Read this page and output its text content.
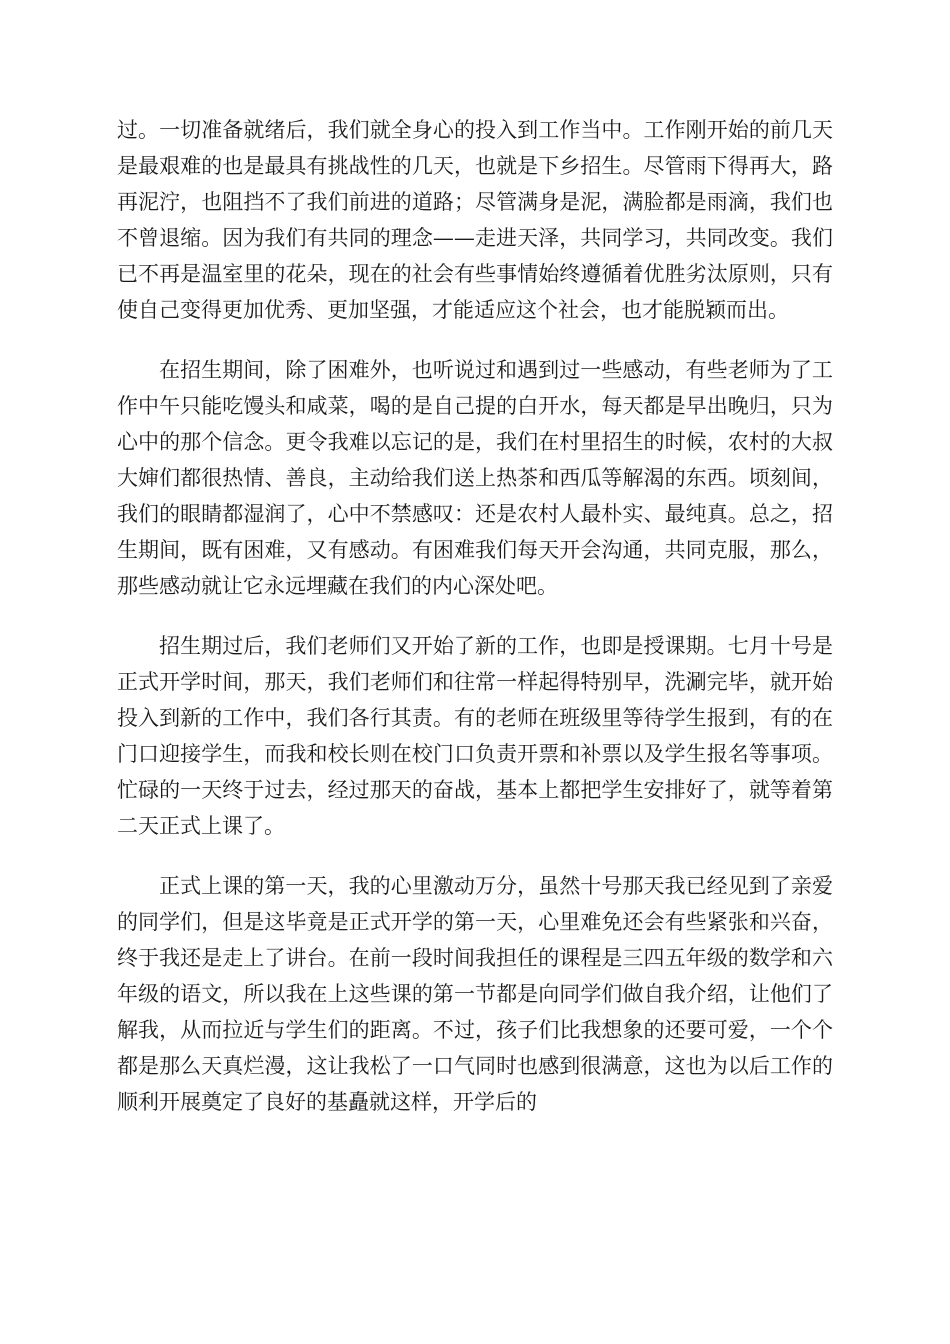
过。一切准备就绪后，我们就全身心的投入到工作当中。工作刚开始的前几天是最艰难的也是最具有挑战性的几天，也就是下乡招生。尽管雨下得再大，路再泥泞，也阻挡不了我们前进的道路；尽管满身是泥，满脸都是雨滴，我们也不曾退缩。因为我们有共同的理念——走进天泽，共同学习，共同改变。我们已不再是温室里的花朵，现在的社会有些事情始终遵循着优胜劣汰原则，只有使自己变得更加优秀、更加坚强，才能适应这个社会，也才能脱颖而出。

在招生期间，除了困难外，也听说过和遇到过一些感动，有些老师为了工作中午只能吃馒头和咸菜，喝的是自己提的白开水，每天都是早出晚归，只为心中的那个信念。更令我难以忘记的是，我们在村里招生的时候，农村的大叔大婶们都很热情、善良，主动给我们送上热茶和西瓜等解渴的东西。顷刻间，我们的眼睛都湿润了，心中不禁感叹：还是农村人最朴实、最纯真。总之，招生期间，既有困难，又有感动。有困难我们每天开会沟通，共同克服，那么，那些感动就让它永远埋藏在我们的内心深处吧。

招生期过后，我们老师们又开始了新的工作，也即是授课期。七月十号是正式开学时间，那天，我们老师们和往常一样起得特别早，洗涮完毕，就开始投入到新的工作中，我们各行其责。有的老师在班级里等待学生报到，有的在门口迎接学生，而我和校长则在校门口负责开票和补票以及学生报名等事项。忙碌的一天终于过去，经过那天的奋战，基本上都把学生安排好了，就等着第二天正式上课了。

正式上课的第一天，我的心里激动万分，虽然十号那天我已经见到了亲爱的同学们，但是这毕竟是正式开学的第一天，心里难免还会有些紧张和兴奋，终于我还是走上了讲台。在前一段时间我担任的课程是三四五年级的数学和六年级的语文，所以我在上这些课的第一节都是向同学们做自我介绍，让他们了解我，从而拉近与学生们的距离。不过，孩子们比我想象的还要可爱，一个个都是那么天真烂漫，这让我松了一口气同时也感到很满意，这也为以后工作的顺利开展奠定了良好的基矗就这样，开学后的
